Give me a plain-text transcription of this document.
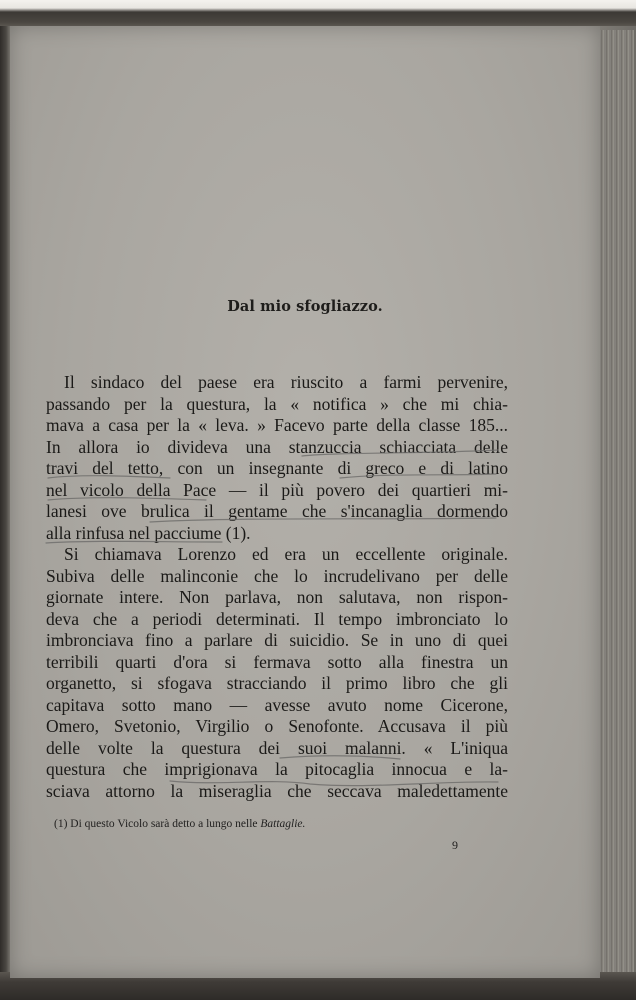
Dal mio sfogliazzo.
Il sindaco del paese era riuscito a farmi pervenire,
passando per la questura, la « notifica » che mi chia-
mava a casa per la « leva. » Facevo parte della classe 185...
In allora io divideva una stanzuccia schiacciata delle
travi del tetto, con un insegnante di greco e di latino
nel vicolo della Pace — il più povero dei quartieri mi-
lanesi ove brulica il gentame che s'incanaglia dormendo
alla rinfusa nel pacciume (1).
Si chiamava Lorenzo ed era un eccellente originale.
Subiva delle malinconie che lo incrudelivano per delle
giornate intere. Non parlava, non salutava, non rispon-
deva che a periodi determinati. Il tempo imbronciato lo
imbronciava fino a parlare di suicidio. Se in uno di quei
terribili quarti d'ora si fermava sotto alla finestra un
organetto, si sfogava stracciando il primo libro che gli
capitava sotto mano — avesse avuto nome Cicerone,
Omero, Svetonio, Virgilio o Senofonte. Accusava il più
delle volte la questura dei suoi malanni. « L'iniqua
questura che imprigionava la pitocaglia innocua e la-
sciava attorno la miseraglia che seccava maledettamente
(1) Di questo Vicolo sarà detto a lungo nelle Battaglie.
9
